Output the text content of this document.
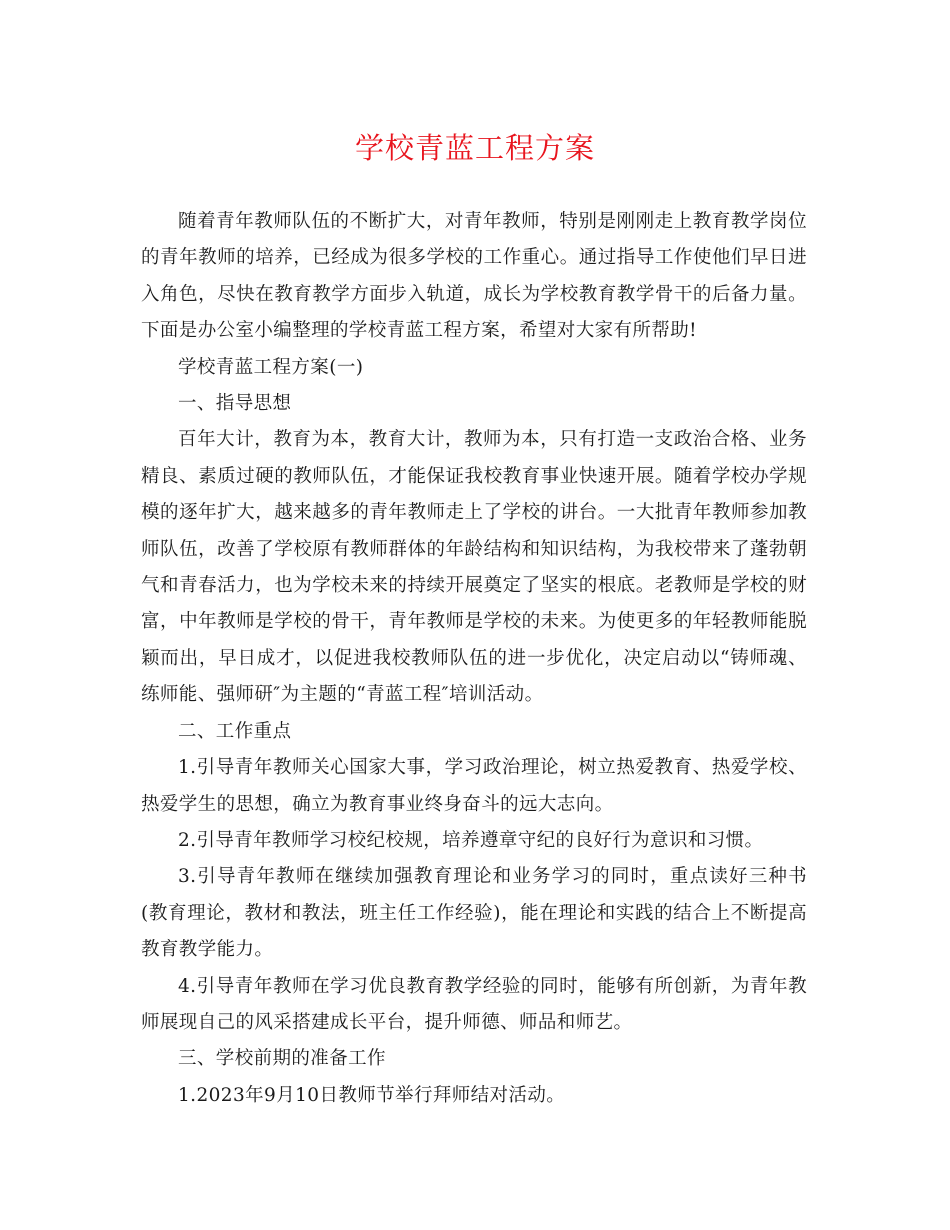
学校青蓝工程方案

随着青年教师队伍的不断扩大，对青年教师，特别是刚刚走上教育教学岗位的青年教师的培养，已经成为很多学校的工作重心。通过指导工作使他们早日进入角色，尽快在教育教学方面步入轨道，成长为学校教育教学骨干的后备力量。下面是办公室小编整理的学校青蓝工程方案，希望对大家有所帮助!

学校青蓝工程方案(一)

一、指导思想

百年大计，教育为本，教育大计，教师为本，只有打造一支政治合格、业务精良、素质过硬的教师队伍，才能保证我校教育事业快速开展。随着学校办学规模的逐年扩大，越来越多的青年教师走上了学校的讲台。一大批青年教师参加教师队伍，改善了学校原有教师群体的年龄结构和知识结构，为我校带来了蓬勃朝气和青春活力，也为学校未来的持续开展奠定了坚实的根底。老教师是学校的财富，中年教师是学校的骨干，青年教师是学校的未来。为使更多的年轻教师能脱颖而出，早日成才，以促进我校教师队伍的进一步优化，决定启动以“铸师魂、练师能、强师研″为主题的“青蓝工程″培训活动。

二、工作重点

1.引导青年教师关心国家大事，学习政治理论，树立热爱教育、热爱学校、热爱学生的思想，确立为教育事业终身奋斗的远大志向。

2.引导青年教师学习校纪校规，培养遵章守纪的良好行为意识和习惯。

3.引导青年教师在继续加强教育理论和业务学习的同时，重点读好三种书(教育理论，教材和教法，班主任工作经验)，能在理论和实践的结合上不断提高教育教学能力。

4.引导青年教师在学习优良教育教学经验的同时，能够有所创新，为青年教师展现自己的风采搭建成长平台，提升师德、师品和师艺。

三、学校前期的准备工作

1.2023年9月10日教师节举行拜师结对活动。
